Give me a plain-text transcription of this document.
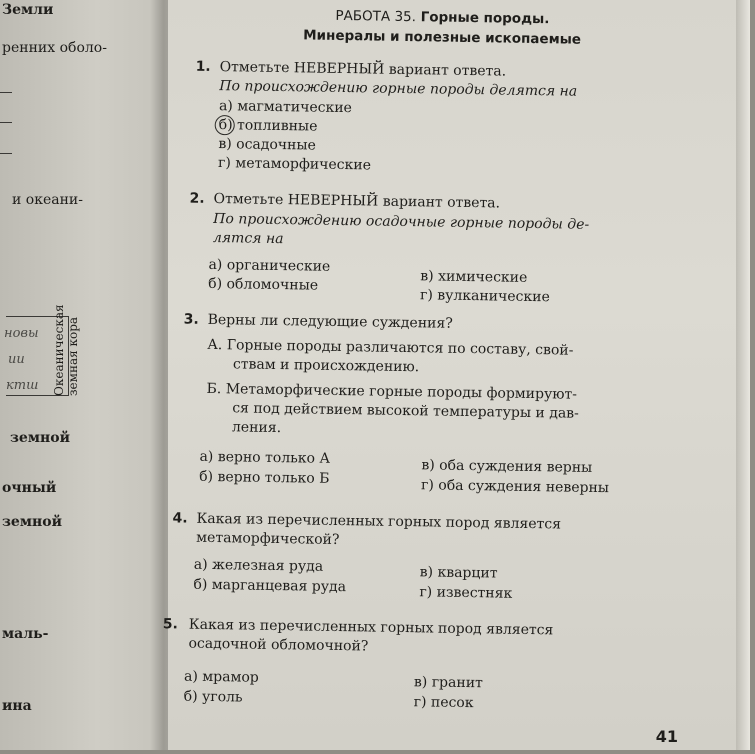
Земли
ренних оболо-
и океани-
новы
ии
ктш Океаническая земная кора
земной
очный
земной
маль-
ина
РАБОТА 35. Горные породы.
Минералы и полезные ископаемые
1. Отметьте НЕВЕРНЫЙ вариант ответа.
По происхождению горные породы делятся на
а) магматические
б) топливные
в) осадочные
г) метаморфические
2. Отметьте НЕВЕРНЫЙ вариант ответа.
По происхождению осадочные горные породы де-
лятся на
а) органические
б) обломочные	в) химические
г) вулканические
3. Верны ли следующие суждения?
А. Горные породы различаются по составу, свой-
ствам и происхождению.
Б. Метаморфические горные породы формируют-
ся под действием высокой температуры и дав-
ления.
а) верно только А
б) верно только Б
в) оба суждения верны
г) оба суждения неверны
4. Какая из перечисленных горных пород является
метаморфической?
а) железная руда
б) марганцевая руда
в) кварцит
г) известняк
5. Какая из перечисленных горных пород является
осадочной обломочной?
а) мрамор
б) уголь
в) гранит
г) песок
41
